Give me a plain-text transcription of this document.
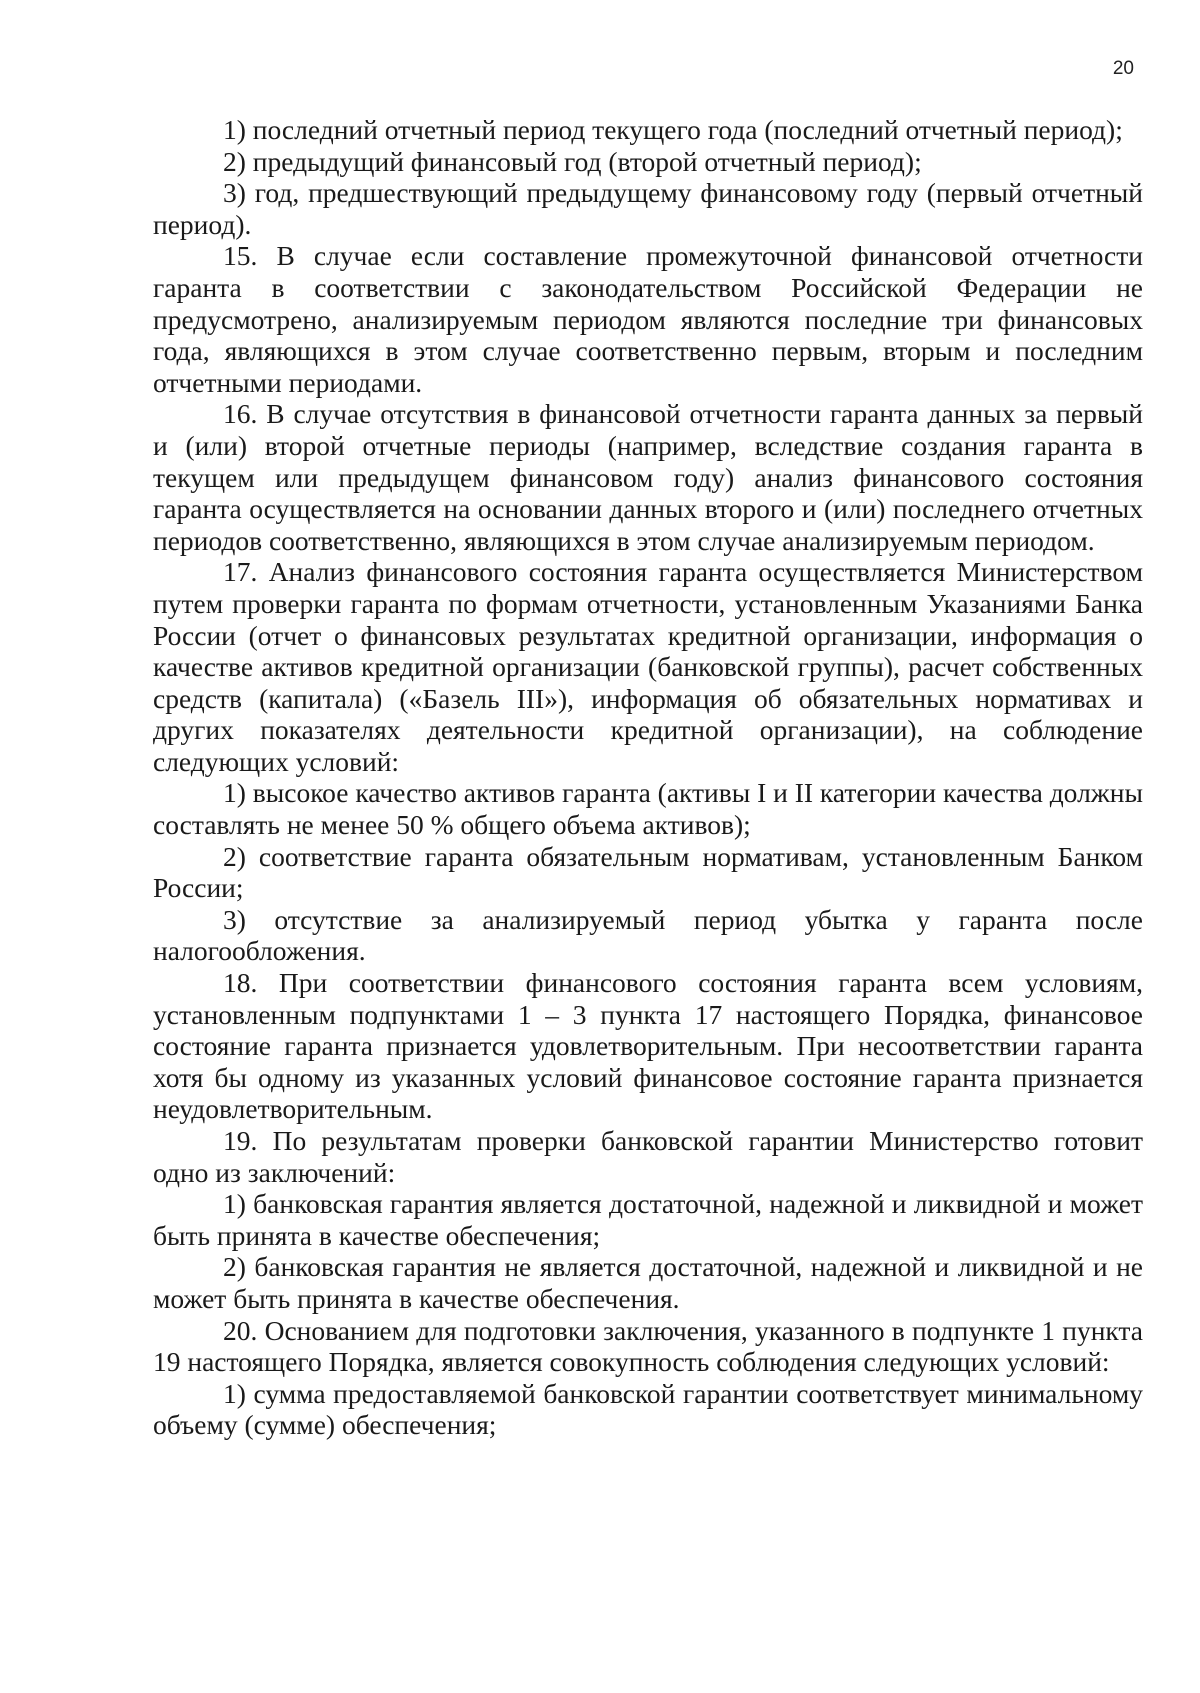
20

1) последний отчетный период текущего года (последний отчетный период);

2) предыдущий финансовый год (второй отчетный период);

3) год, предшествующий предыдущему финансовому году (первый отчетный период).

15. В случае если составление промежуточной финансовой отчетности гаранта в соответствии с законодательством Российской Федерации не предусмотрено, анализируемым периодом являются последние три финансовых года, являющихся в этом случае соответственно первым, вторым и последним отчетными периодами.

16. В случае отсутствия в финансовой отчетности гаранта данных за первый и (или) второй отчетные периоды (например, вследствие создания гаранта в текущем или предыдущем финансовом году) анализ финансового состояния гаранта осуществляется на основании данных второго и (или) последнего отчетных периодов соответственно, являющихся в этом случае анализируемым периодом.

17. Анализ финансового состояния гаранта осуществляется Министерством путем проверки гаранта по формам отчетности, установленным Указаниями Банка России (отчет о финансовых результатах кредитной организации, информация о качестве активов кредитной организации (банковской группы), расчет собственных средств (капитала) («Базель III»), информация об обязательных нормативах и других показателях деятельности кредитной организации), на соблюдение следующих условий:

1) высокое качество активов гаранта (активы I и II категории качества должны составлять не менее 50 % общего объема активов);

2) соответствие гаранта обязательным нормативам, установленным Банком России;

3) отсутствие за анализируемый период убытка у гаранта после налогообложения.

18. При соответствии финансового состояния гаранта всем условиям, установленным подпунктами 1 – 3 пункта 17 настоящего Порядка, финансовое состояние гаранта признается удовлетворительным. При несоответствии гаранта хотя бы одному из указанных условий финансовое состояние гаранта признается неудовлетворительным.

19. По результатам проверки банковской гарантии Министерство готовит одно из заключений:

1) банковская гарантия является достаточной, надежной и ликвидной и может быть принята в качестве обеспечения;

2) банковская гарантия не является достаточной, надежной и ликвидной и не может быть принята в качестве обеспечения.

20. Основанием для подготовки заключения, указанного в подпункте 1 пункта 19 настоящего Порядка, является совокупность соблюдения следующих условий:

1) сумма предоставляемой банковской гарантии соответствует минимальному объему (сумме) обеспечения;
